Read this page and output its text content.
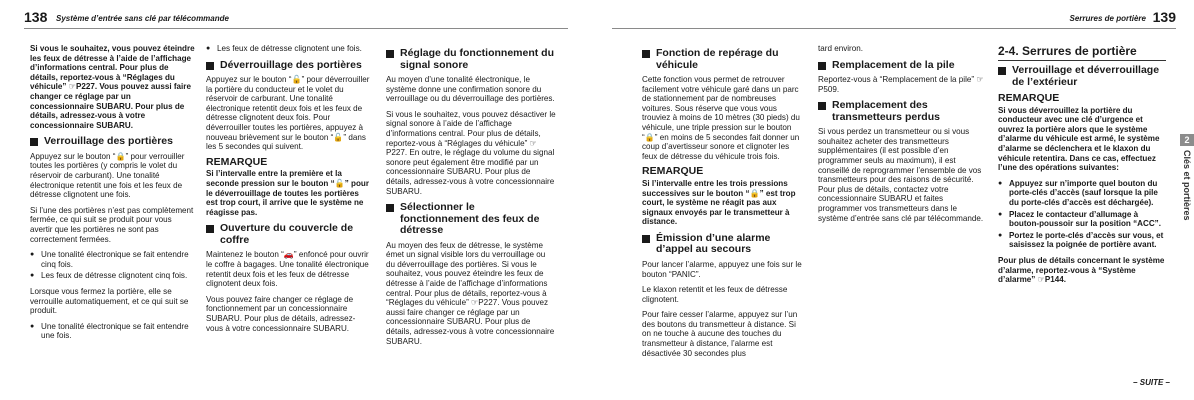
138 Système d’entrée sans clé par télécommande

Si vous le souhaitez, vous pouvez éteindre les feux de détresse à l’aide de l’affichage d’informations central. Pour plus de détails, reportez-vous à “Réglages du véhicule” ☞P227. Vous pouvez aussi faire changer ce réglage par un concessionnaire SUBARU. Pour plus de détails, adressez-vous à votre concessionnaire SUBARU.

Verrouillage des portières

Appuyez sur le bouton “🔒” pour verrouiller toutes les portières (y compris le volet du réservoir de carburant). Une tonalité électronique retentit une fois et les feux de détresse clignotent une fois.

Si l’une des portières n’est pas complètement fermée, ce qui suit se produit pour vous avertir que les portières ne sont pas correctement fermées.

● Une tonalité électronique se fait entendre cinq fois.
● Les feux de détresse clignotent cinq fois.

Lorsque vous fermez la portière, elle se verrouille automatiquement, et ce qui suit se produit.

● Une tonalité électronique se fait entendre une fois.
● Les feux de détresse clignotent une fois.
Déverrouillage des portières

Appuyez sur le bouton “🔓” pour déverrouiller la portière du conducteur et le volet du réservoir de carburant. Une tonalité électronique retentit deux fois et les feux de détresse clignotent deux fois. Pour déverrouiller toutes les portières, appuyez à nouveau brièvement sur le bouton “🔓” dans les 5 secondes qui suivent.

REMARQUE

Si l’intervalle entre la première et la seconde pression sur le bouton “🔓” pour le déverrouillage de toutes les portières est trop court, il arrive que le système ne réagisse pas.

Ouverture du couvercle de coffre

Maintenez le bouton “🚗” enfoncé pour ouvrir le coffre à bagages. Une tonalité électronique retentit deux fois et les feux de détresse clignotent deux fois.

Vous pouvez faire changer ce réglage de fonctionnement par un concessionnaire SUBARU. Pour plus de détails, adressez-vous à votre concessionnaire SUBARU.

Réglage du fonctionnement du signal sonore

Au moyen d’une tonalité électronique, le système donne une confirmation sonore du verrouillage ou du déverrouillage des portières.

Si vous le souhaitez, vous pouvez désactiver le signal sonore à l’aide de l’affichage d’informations central. Pour plus de détails, reportez-vous à “Réglages du véhicule” ☞P227. En outre, le réglage du volume du signal sonore peut également être modifié par un concessionnaire SUBARU. Pour plus de détails, adressez-vous à votre concessionnaire SUBARU.

Sélectionner le fonctionnement des feux de détresse

Au moyen des feux de détresse, le système émet un signal visible lors du verrouillage ou du déverrouillage des portières. Si vous le souhaitez, vous pouvez éteindre les feux de détresse à l’aide de l’affichage d’informations central. Pour plus de détails, reportez-vous à “Réglages du véhicule” ☞P227. Vous pouvez aussi faire changer ce réglage par un concessionnaire SUBARU. Pour plus de détails, adressez-vous à votre concessionnaire SUBARU.

Serrures de portière 139
Fonction de repérage du véhicule

Cette fonction vous permet de retrouver facilement votre véhicule garé dans un parc de stationnement par de nombreuses voitures. Sous réserve que vous vous trouviez à moins de 10 mètres (30 pieds) du véhicule, une triple pression sur le bouton “🔒” en moins de 5 secondes fait donner un coup d’avertisseur sonore et clignoter les feux de détresse du véhicule trois fois.

REMARQUE

Si l’intervalle entre les trois pressions successives sur le bouton “🔒” est trop court, le système ne réagit pas aux signaux envoyés par le transmetteur à distance.

Émission d’une alarme d’appel au secours

Pour lancer l’alarme, appuyez une fois sur le bouton “PANIC”.

Le klaxon retentit et les feux de détresse clignotent.

Pour faire cesser l’alarme, appuyez sur l’un des boutons du transmetteur à distance. Si on ne touche à aucune des touches du transmetteur à distance, l’alarme est désactivée 30 secondes plus

tard environ.

Remplacement de la pile

Reportez-vous à “Remplacement de la pile” ☞P509.

Remplacement des transmetteurs perdus

Si vous perdez un transmetteur ou si vous souhaitez acheter des transmetteurs supplémentaires (il est possible d’en programmer seuls au maximum), il est conseillé de reprogrammer l’ensemble de vos transmetteurs pour des raisons de sécurité. Pour plus de détails, contactez votre concessionnaire SUBARU et faites programmer vos transmetteurs dans le système d’entrée sans clé par télécommande.

2-4. Serrures de portière
Verrouillage et déverrouillage de l’extérieur
REMARQUE

Si vous déverrouillez la portière du conducteur avec une clé d’urgence et ouvrez la portière alors que le système d’alarme du véhicule est armé, le système d’alarme se déclenchera et le klaxon du véhicule retentira. Dans ce cas, effectuez l’une des opérations suivantes:

● Appuyez sur n’importe quel bouton du porte-clés d’accès (sauf lorsque la pile du porte-clés d’accès est déchargée).
● Placez le contacteur d’allumage à bouton-poussoir sur la position “ACC”.
● Portez le porte-clés d’accès sur vous, et saisissez la poignée de portière avant.

Pour plus de détails concernant le système d’alarme, reportez-vous à “Système d’alarme” ☞P144.

2
Clés et portières
– SUITE –
